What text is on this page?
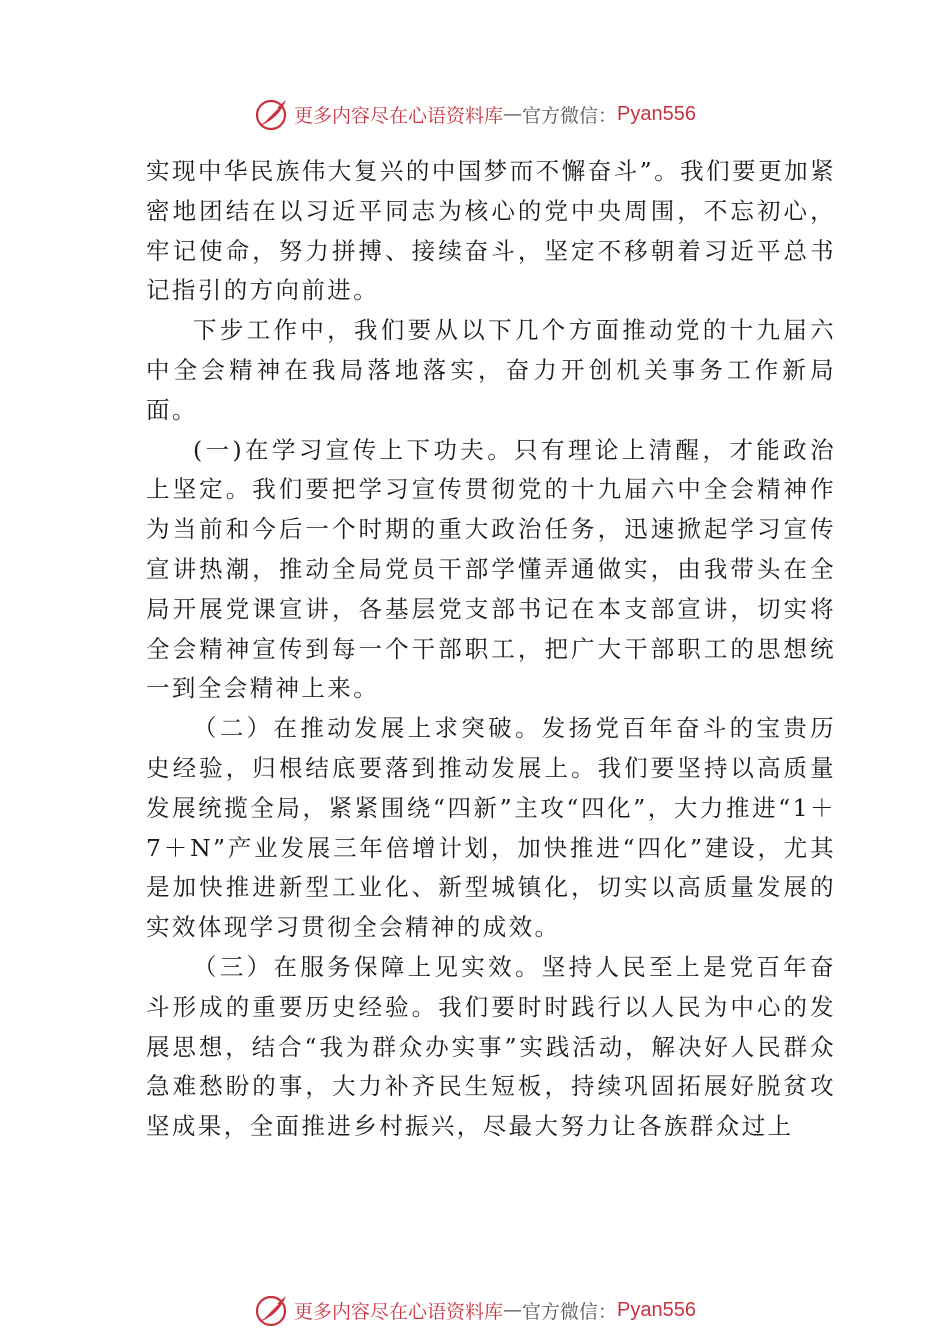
更多内容尽在心语资料库 — 官方微信： Pyan556

实现中华民族伟大复兴的中国梦而不懈奋斗”。我们要更加紧密地团结在以习近平同志为核心的党中央周围，不忘初心，牢记使命，努力拼搏、接续奋斗，坚定不移朝着习近平总书记指引的方向前进。

下步工作中，我们要从以下几个方面推动党的十九届六中全会精神在我局落地落实，奋力开创机关事务工作新局面。

(一)在学习宣传上下功夫。只有理论上清醒，才能政治上坚定。我们要把学习宣传贯彻党的十九届六中全会精神作为当前和今后一个时期的重大政治任务，迅速掀起学习宣传宣讲热潮，推动全局党员干部学懂弄通做实，由我带头在全局开展党课宣讲，各基层党支部书记在本支部宣讲，切实将全会精神宣传到每一个干部职工，把广大干部职工的思想统一到全会精神上来。

（二）在推动发展上求突破。发扬党百年奋斗的宝贵历史经验，归根结底要落到推动发展上。我们要坚持以高质量发展统揽全局，紧紧围绕“四新”主攻“四化”，大力推进“1＋7＋N”产业发展三年倍增计划，加快推进“四化”建设，尤其是加快推进新型工业化、新型城镇化，切实以高质量发展的实效体现学习贯彻全会精神的成效。

（三）在服务保障上见实效。坚持人民至上是党百年奋斗形成的重要历史经验。我们要时时践行以人民为中心的发展思想，结合“我为群众办实事”实践活动，解决好人民群众急难愁盼的事，大力补齐民生短板，持续巩固拓展好脱贫攻坚成果，全面推进乡村振兴，尽最大努力让各族群众过上

更多内容尽在心语资料库 — 官方微信： Pyan556
